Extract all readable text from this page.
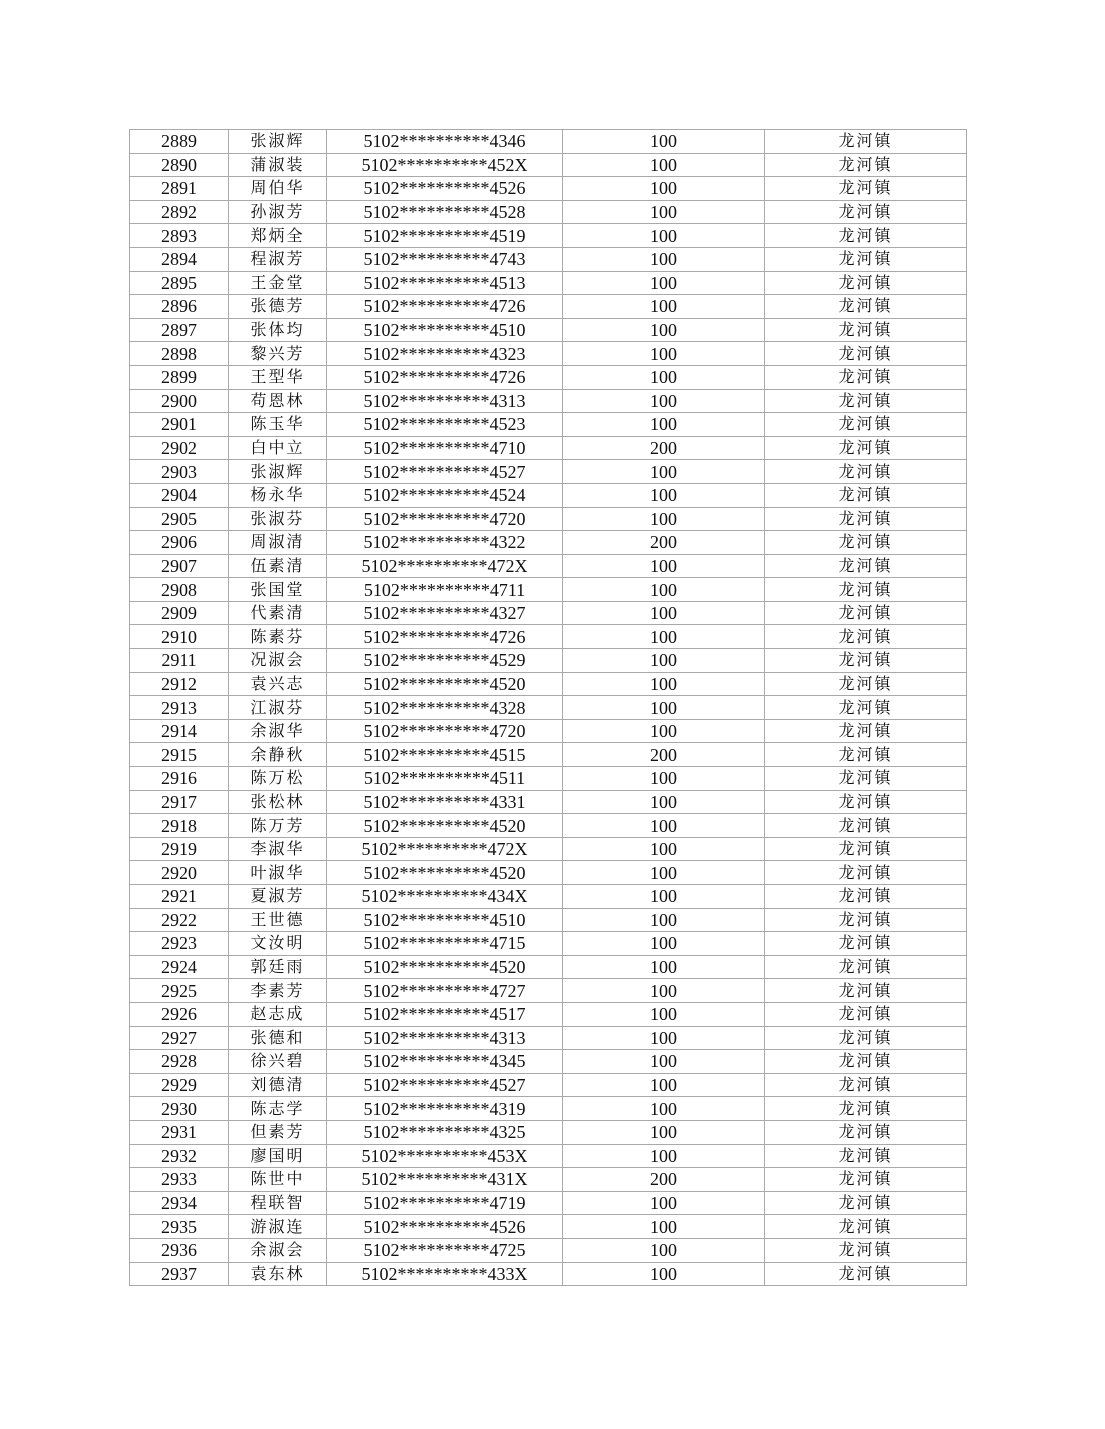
2889	张淑辉	5102**********4346	100	龙河镇
2890	蒲淑装	5102**********452X	100	龙河镇
2891	周伯华	5102**********4526	100	龙河镇
2892	孙淑芳	5102**********4528	100	龙河镇
2893	郑炳全	5102**********4519	100	龙河镇
2894	程淑芳	5102**********4743	100	龙河镇
2895	王金堂	5102**********4513	100	龙河镇
2896	张德芳	5102**********4726	100	龙河镇
2897	张体均	5102**********4510	100	龙河镇
2898	黎兴芳	5102**********4323	100	龙河镇
2899	王型华	5102**********4726	100	龙河镇
2900	苟恩林	5102**********4313	100	龙河镇
2901	陈玉华	5102**********4523	100	龙河镇
2902	白中立	5102**********4710	200	龙河镇
2903	张淑辉	5102**********4527	100	龙河镇
2904	杨永华	5102**********4524	100	龙河镇
2905	张淑芬	5102**********4720	100	龙河镇
2906	周淑清	5102**********4322	200	龙河镇
2907	伍素清	5102**********472X	100	龙河镇
2908	张国堂	5102**********4711	100	龙河镇
2909	代素清	5102**********4327	100	龙河镇
2910	陈素芬	5102**********4726	100	龙河镇
2911	况淑会	5102**********4529	100	龙河镇
2912	袁兴志	5102**********4520	100	龙河镇
2913	江淑芬	5102**********4328	100	龙河镇
2914	余淑华	5102**********4720	100	龙河镇
2915	余静秋	5102**********4515	200	龙河镇
2916	陈万松	5102**********4511	100	龙河镇
2917	张松林	5102**********4331	100	龙河镇
2918	陈万芳	5102**********4520	100	龙河镇
2919	李淑华	5102**********472X	100	龙河镇
2920	叶淑华	5102**********4520	100	龙河镇
2921	夏淑芳	5102**********434X	100	龙河镇
2922	王世德	5102**********4510	100	龙河镇
2923	文汝明	5102**********4715	100	龙河镇
2924	郭廷雨	5102**********4520	100	龙河镇
2925	李素芳	5102**********4727	100	龙河镇
2926	赵志成	5102**********4517	100	龙河镇
2927	张德和	5102**********4313	100	龙河镇
2928	徐兴碧	5102**********4345	100	龙河镇
2929	刘德清	5102**********4527	100	龙河镇
2930	陈志学	5102**********4319	100	龙河镇
2931	但素芳	5102**********4325	100	龙河镇
2932	廖国明	5102**********453X	100	龙河镇
2933	陈世中	5102**********431X	200	龙河镇
2934	程联智	5102**********4719	100	龙河镇
2935	游淑连	5102**********4526	100	龙河镇
2936	余淑会	5102**********4725	100	龙河镇
2937	袁东林	5102**********433X	100	龙河镇
